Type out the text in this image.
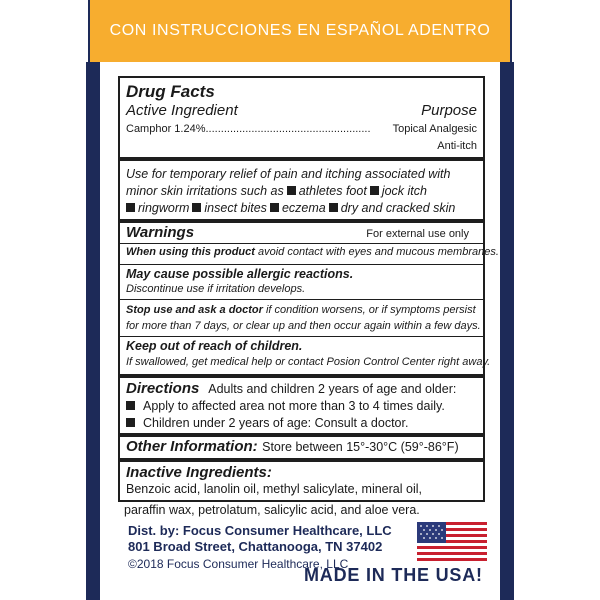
CON INSTRUCCIONES EN ESPAÑOL ADENTRO
Drug Facts
Active Ingredient	Purpose
Camphor 1.24%......................................................	Topical Analgesic
Anti-itch
Use for temporary relief of pain and itching associated with
minor skin irritations such as athletes foot jock itch
ringworm insect bites eczema dry and cracked skin
Warnings	For external use only
When using this product avoid contact with eyes and mucous membranes.
May cause possible allergic reactions.
Discontinue use if irritation develops.
Stop use and ask a doctor if condition worsens, or if symptoms persist
for more than 7 days, or clear up and then occur again within a few days.
Keep out of reach of children.
If swallowed, get medical help or contact Posion Control Center right away.
Directions Adults and children 2 years of age and older:
Apply to affected area not more than 3 to 4 times daily.
Children under 2 years of age: Consult a doctor.
Other Information: Store between 15°-30°C (59°-86°F)
Inactive Ingredients:
Benzoic acid, lanolin oil, methyl salicylate, mineral oil,
paraffin wax, petrolatum, salicylic acid, and aloe vera.
Dist. by: Focus Consumer Healthcare, LLC
801 Broad Street, Chattanooga, TN 37402
©2018 Focus Consumer Healthcare, LLC
MADE IN THE USA!
